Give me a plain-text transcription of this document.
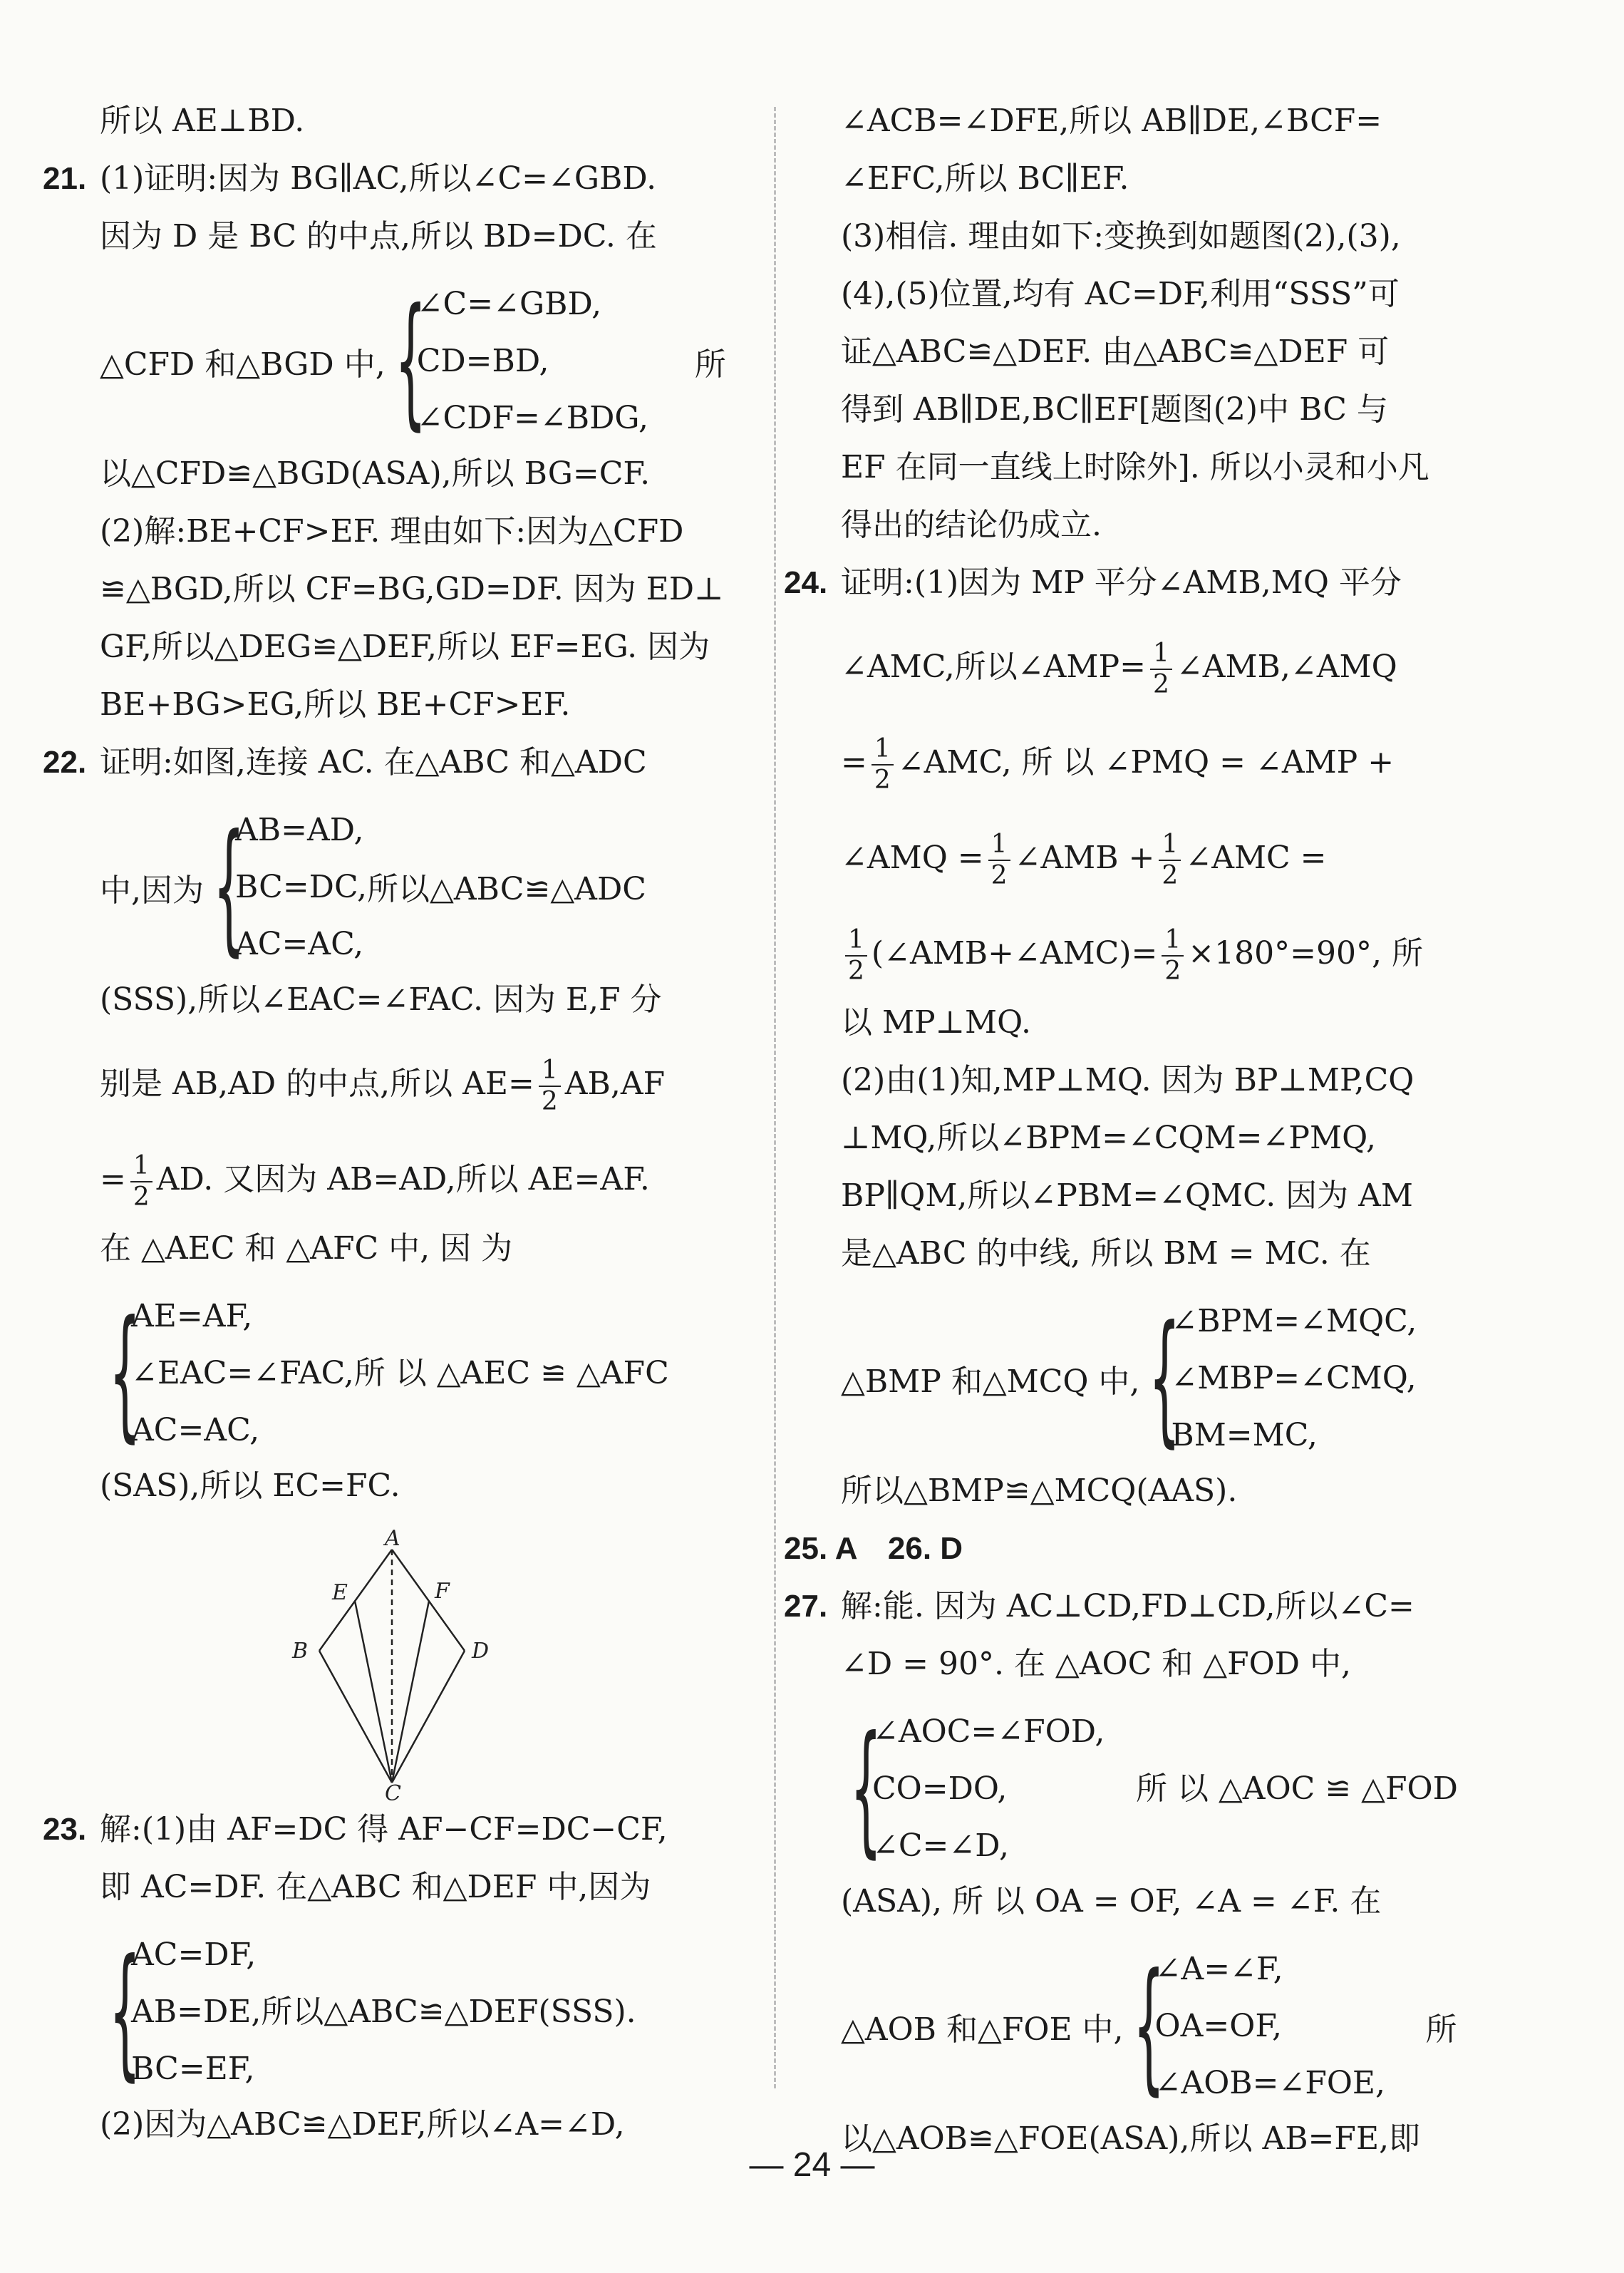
所以 AE⊥BD.
21. (1)证明:因为 BG∥AC,所以∠C=∠GBD.
因为 D 是 BC 的中点,所以 BD=DC. 在
△CFD 和△BGD 中, {
∠C=∠GBD,
CD=BD,
∠CDF=∠BDG,
所
以△CFD≌△BGD(ASA),所以 BG=CF.
(2)解:BE+CF>EF. 理由如下:因为△CFD
≌△BGD,所以 CF=BG,GD=DF. 因为 ED⊥
GF,所以△DEG≌△DEF,所以 EF=EG. 因为
BE+BG>EG,所以 BE+CF>EF.
22. 证明:如图,连接 AC. 在△ABC 和△ADC
中,因为 {
AB=AD,
BC=DC,
AC=AC,
所以△ABC≌△ADC
(SSS),所以∠EAC=∠FAC. 因为 E,F 分
别是 AB,AD 的中点,所以 $AE= \frac{1}{2} AB,AF$
= $\frac{1}{2}$ AD. 又因为 AB=AD,所以 AE=AF.
在 △AEC 和 △AFC 中, 因 为
{
AE=AF,
∠EAC=∠FAC,所 以 △AEC ≌ △AFC
AC=AC,
(SAS),所以 EC=FC.
A
E	F
B	D
C
23. 解:(1)由 AF=DC 得 AF−CF=DC−CF,
即 AC=DF. 在△ABC 和△DEF 中,因为
{
AC=DF,
AB=DE,所以△ABC≌△DEF(SSS).
BC=EF,
(2)因为△ABC≌△DEF,所以∠A=∠D,
∠ACB=∠DFE,所以 AB∥DE,∠BCF=
∠EFC,所以 BC∥EF.
(3)相信. 理由如下:变换到如题图(2),(3),
(4),(5)位置,均有 AC=DF,利用“SSS”可
证△ABC≌△DEF. 由△ABC≌△DEF 可
得到 AB∥DE,BC∥EF[题图(2)中 BC 与
EF 在同一直线上时除外]. 所以小灵和小凡
得出的结论仍成立.
24. 证明:(1)因为 MP 平分∠AMB,MQ 平分
∠AMC,所以∠AMP= $\frac{1}{2}$ ∠AMB,∠AMQ
= $\frac{1}{2}$ ∠AMC, 所 以 ∠PMQ = ∠AMP +
∠AMQ = $\frac{1}{2}$ ∠AMB + $\frac{1}{2}$ ∠AMC =
$\frac{1}{2}$ (∠AMB+∠AMC)= $\frac{1}{2} \times 180^\circ=90^\circ$, 所
以 MP⊥MQ.
(2)由(1)知,MP⊥MQ. 因为 BP⊥MP,CQ
⊥MQ,所以∠BPM=∠CQM=∠PMQ,
BP∥QM,所以∠PBM=∠QMC. 因为 AM
是△ABC 的中线, 所以 BM = MC. 在
△BMP 和△MCQ 中, {
∠BPM=∠MQC,
∠MBP=∠CMQ,
BM=MC,
所以△BMP≌△MCQ(AAS).
25. A　26. D
27. 解:能. 因为 AC⊥CD,FD⊥CD,所以∠C=
∠D = 90°. 在 △AOC 和 △FOD 中,
{
∠AOC=∠FOD,
CO=DO,	所 以 △AOC ≌ △FOD
∠C=∠D,
(ASA), 所 以 OA = OF, ∠A = ∠F. 在
△AOB 和△FOE 中, {
∠A=∠F,
OA=OF,
∠AOB=∠FOE,
所
以△AOB≌△FOE(ASA),所以 AB=FE,即
— 24 —
